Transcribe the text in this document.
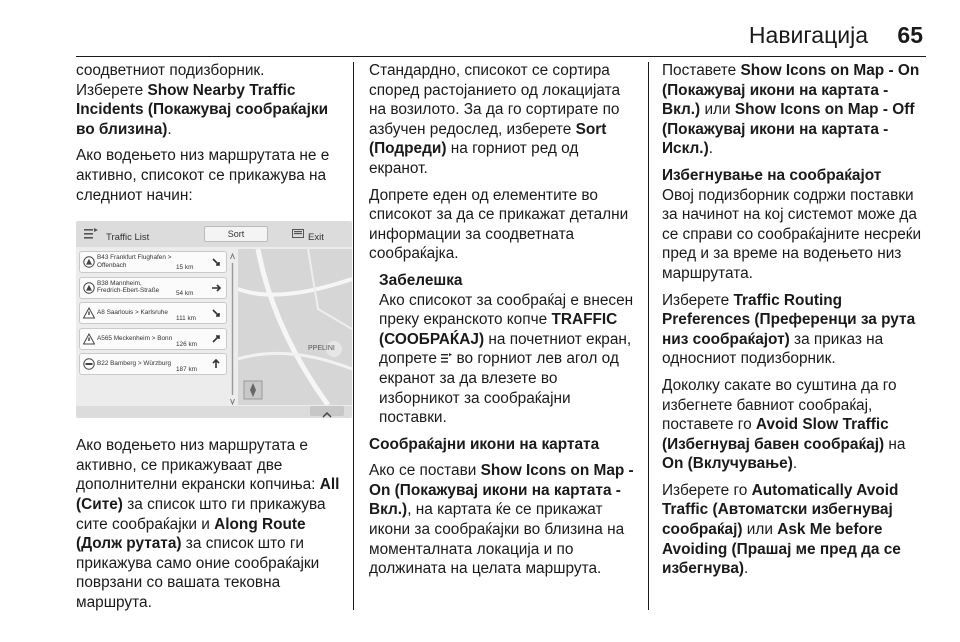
Навигација 65

соодветниот подизборник.

Изберете Show Nearby Traffic Incidents (Покажувај сообраќајки во близина).

Ако водењето низ маршрутата не е активно, списокот се прикажува на следниот начин:

Traffic List	Sort	Exit
B43 Frankfurt Flughafen >
Offenbach	15 km
B38 Mannheim,
Fredrich-Ebert-Straße	54 km
A8 Saarlouis > Karlsruhe
111 km
A565 Meckenheim > Bonn
126 km
B22 Bamberg > Würzburg
187 km
PPELINI

Ако водењето низ маршрутата е активно, се прикажуваат две дополнителни екрански копчиња: All (Сите) за список што ги прикажува сите сообраќајки и Along Route (Долж рутата) за список што ги прикажува само оние сообраќајки поврзани со вашата тековна маршрута.

Стандардно, списокот се сортира според растојанието од локацијата на возилото. За да го сортирате по азбучен редослед, изберете Sort (Подреди) на горниот ред од екранот.

Допрете еден од елементите во списокот за да се прикажат детални информации за соодветната сообраќајка.

Забелешка
Ако списокот за сообраќај е внесен преку екранското копче TRAFFIC (СООБРАЌАЈ) на почетниот екран, допрете  во горниот лев агол од екранот за да влезете во изборникот за сообраќајни поставки.

Сообраќајни икони на картата

Ако се постави Show Icons on Map - On (Покажувај икони на картата - Вкл.), на картата ќе се прикажат икони за сообраќајки во близина на моменталната локација и по должината на целата маршрута.

Поставете Show Icons on Map - On (Покажувај икони на картата - Вкл.) или Show Icons on Map - Off (Покажувај икони на картата - Искл.).

Избегнување на сообраќајот

Овој подизборник содржи поставки за начинот на кој системот може да се справи со сообраќајните несреќи пред и за време на водењето низ маршрутата.

Изберете Traffic Routing Preferences (Преференци за рута низ сообраќајот) за приказ на односниот подизборник.

Доколку сакате во суштина да го избегнете бавниот сообраќај, поставете го Avoid Slow Traffic (Избегнувај бавен сообраќај) на On (Вклучување).

Изберете го Automatically Avoid Traffic (Автоматски избегнувај сообраќај) или Ask Me before Avoiding (Прашај ме пред да се избегнува).
